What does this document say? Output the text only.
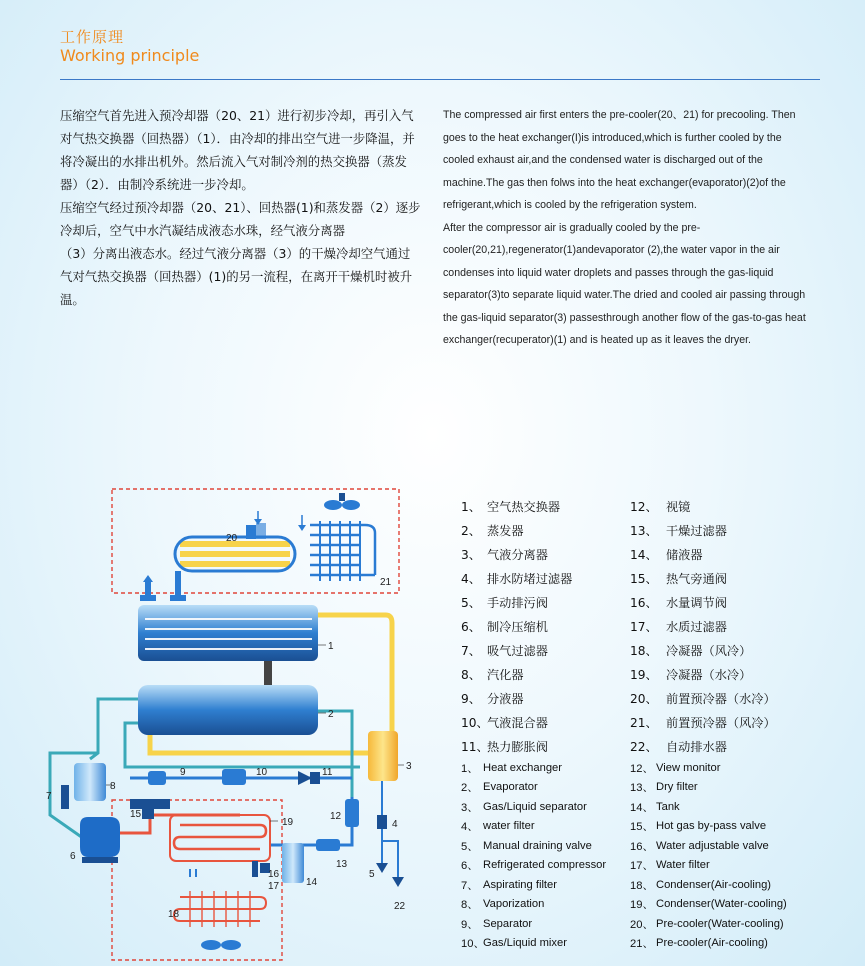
工作原理
Working principle

压缩空气首先进入预冷却器（20、21）进行初步冷却，再引入气对气热交换器（回热器）（1）．由冷却的排出空气进一步降温，并将冷凝出的水排出机外。然后流入气对制冷剂的热交换器（蒸发器）（2）．由制冷系统进一步冷却。

压缩空气经过预冷却器（20、21）、回热器(1)和蒸发器（2）逐步冷却后，空气中水汽凝结成液态水珠，经气液分离器

（3）分离出液态水。经过气液分离器（3）的干燥冷却空气通过气对气热交换器（回热器）(1)的另一流程，在离开干燥机时被升温。

The compressed air first enters the pre-cooler(20、21) for precooling. Then goes to the heat exchanger(I)is introduced,which is further cooled by the cooled exhaust air,and the condensed water is discharged out of the machine.The gas then folws into the heat exchanger(evaporator)(2)of the refrigerant,which is cooled by the refrigeration system.

After the compressor air is gradually cooled by the pre-cooler(20,21),regenerator(1)andevaporator (2),the water vapor in the air condenses into liquid water droplets and passes through the gas-liquid separator(3)to separate liquid water.The dried and cooled air passing through the gas-liquid separator(3) passesthrough another flow of the gas-to-gas heat exchanger(recuperator)(1) and is heated up as it leaves the dryer.

1
2
3
4
5
6
7
8
9	10	11
12
13
14
15
16
17
18
19
20
21
22
1、 空气热交换器
2、 蒸发器
3、 气液分离器
4、 排水防堵过滤器
5、 手动排污阀
6、 制冷压缩机
7、 吸气过滤器
8、 汽化器
9、 分液器
10、
气液混合器
11、
热力膨胀阀
12、 视镜
13、 干燥过滤器
14、 储液器
15、 热气旁通阀
16、 水量调节阀
17、 水质过滤器
18、 冷凝器（风冷）
19、 冷凝器（水冷）
20、 前置预冷器（水冷）
21、 前置预冷器（风冷）
22、 自动排水器
1、 Heat exchanger
2、 Evaporator
3、 Gas/Liquid separator
4、 water filter
5、 Manual draining valve
6、 Refrigerated compressor
7、 Aspirating filter
8、 Vaporization
9、 Separator
10、
Gas/Liquid mixer
12、 View monitor
13、 Dry filter
14、 Tank
15、 Hot gas by-pass valve
16、 Water adjustable valve
17、 Water filter
18、 Condenser(Air-cooling)
19、 Condenser(Water-cooling)
20、 Pre-cooler(Water-cooling)
21、 Pre-cooler(Air-cooling)
